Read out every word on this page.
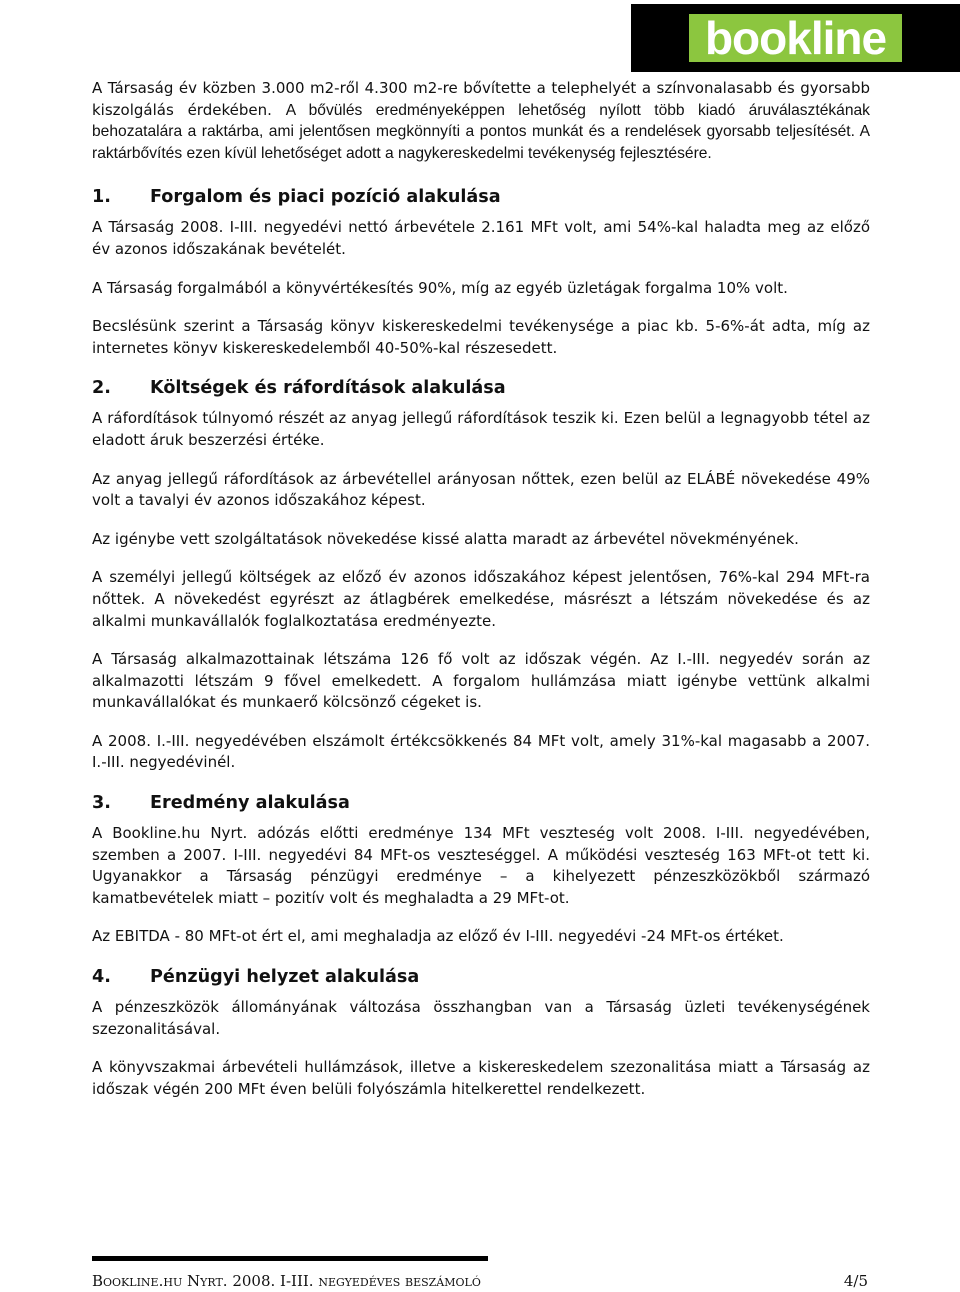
bookline

A Társaság év közben 3.000 m2-ről 4.300 m2-re bővítette a telephelyét a színvonalasabb és gyorsabb kiszolgálás érdekében. A bővülés eredményeképpen lehetőség nyílott több kiadó áruválasztékának behozatalára a raktárba, ami jelentősen megkönnyíti a pontos munkát és a rendelések gyorsabb teljesítését. A raktárbővítés ezen kívül lehetőséget adott a nagykereskedelmi tevékenység fejlesztésére.

1. Forgalom és piaci pozíció alakulása

A Társaság 2008. I-III. negyedévi nettó árbevétele 2.161 MFt volt, ami 54%-kal haladta meg az előző év azonos időszakának bevételét.

A Társaság forgalmából a könyvértékesítés 90%, míg az egyéb üzletágak forgalma 10% volt.

Becslésünk szerint a Társaság könyv kiskereskedelmi tevékenysége a piac kb. 5-6%-át adta, míg az internetes könyv kiskereskedelemből 40-50%-kal részesedett.

2. Költségek és ráfordítások alakulása

A ráfordítások túlnyomó részét az anyag jellegű ráfordítások teszik ki. Ezen belül a legnagyobb tétel az eladott áruk beszerzési értéke.

Az anyag jellegű ráfordítások az árbevétellel arányosan nőttek, ezen belül az ELÁBÉ növekedése 49% volt a tavalyi év azonos időszakához képest.

Az igénybe vett szolgáltatások növekedése kissé alatta maradt az árbevétel növekményének.

A személyi jellegű költségek az előző év azonos időszakához képest jelentősen, 76%-kal 294 MFt-ra nőttek. A növekedést egyrészt az átlagbérek emelkedése, másrészt a létszám növekedése és az alkalmi munkavállalók foglalkoztatása eredményezte.

A Társaság alkalmazottainak létszáma 126 fő volt az időszak végén. Az I.-III. negyedév során az alkalmazotti létszám 9 fővel emelkedett. A forgalom hullámzása miatt igénybe vettünk alkalmi munkavállalókat és munkaerő kölcsönző cégeket is.

A 2008. I.-III. negyedévében elszámolt értékcsökkenés 84 MFt volt, amely 31%-kal magasabb a 2007. I.-III. negyedévinél.

3. Eredmény alakulása

A Bookline.hu Nyrt. adózás előtti eredménye 134 MFt veszteség volt 2008. I-III. negyedévében, szemben a 2007. I-III. negyedévi 84 MFt-os veszteséggel. A működési veszteség 163 MFt-ot tett ki. Ugyanakkor a Társaság pénzügyi eredménye – a kihelyezett pénzeszközökből származó kamatbevételek miatt – pozitív volt és meghaladta a 29 MFt-ot.

Az EBITDA - 80 MFt-ot ért el, ami meghaladja az előző év I-III. negyedévi -24 MFt-os értéket.

4. Pénzügyi helyzet alakulása

A pénzeszközök állományának változása összhangban van a Társaság üzleti tevékenységének szezonalitásával.

A könyvszakmai árbevételi hullámzások, illetve a kiskereskedelem szezonalitása miatt a Társaság az időszak végén 200 MFt éven belüli folyószámla hitelkerettel rendelkezett.

Bookline.hu Nyrt. 2008. I-III. negyedéves beszámoló	4/5
